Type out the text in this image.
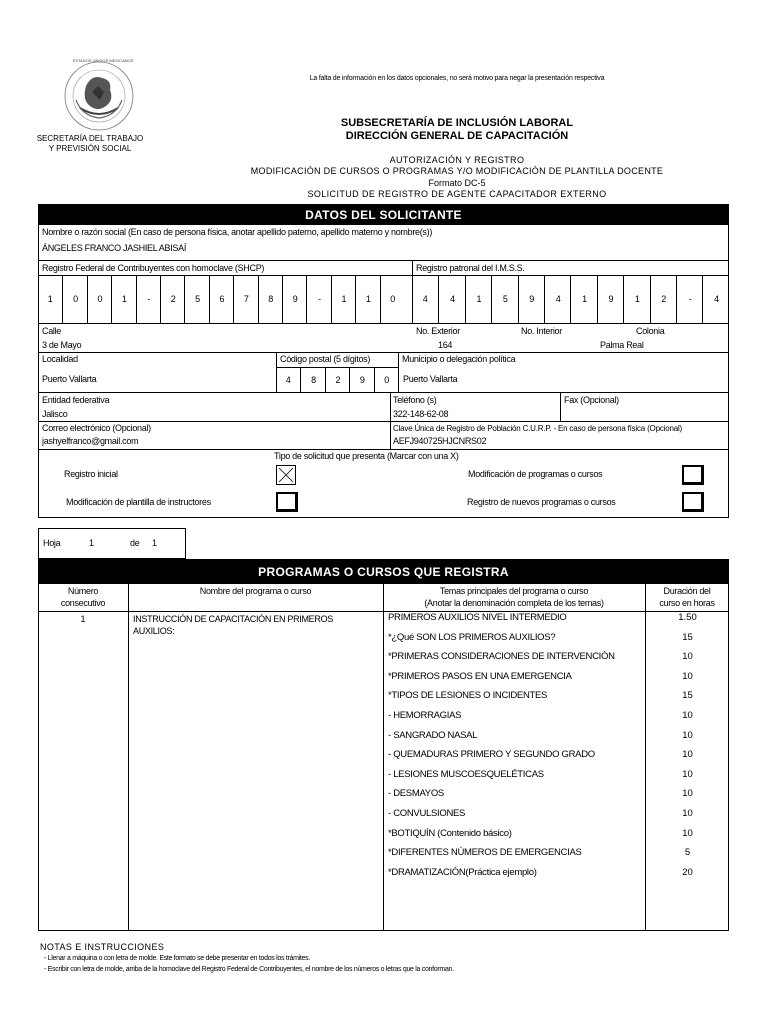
ESTADOS UNIDOS MEXICANOS
SECRETARÍA DEL TRABAJO
Y PREVISIÓN SOCIAL
La falta de información en los datos opcionales, no será motivo para negar la presentación respectiva
SUBSECRETARÍA DE INCLUSIÓN LABORAL
DIRECCIÓN GENERAL DE CAPACITACIÓN
AUTORIZACIÓN Y REGISTRO
MODIFICACIÓN DE CURSOS O PROGRAMAS Y/O MODIFICACIÓN DE PLANTILLA DOCENTE
Formato DC-5
SOLICITUD DE REGISTRO DE AGENTE CAPACITADOR EXTERNO
DATOS DEL SOLICITANTE
Nombre o razón social (En caso de persona física, anotar apellido paterno, apellido materno y nombre(s))
ÁNGELES FRANCO JASHIEL ABISAÍ
Registro Federal de Contribuyentes con homoclave (SHCP)	Registro patronal del I.M.S.S.
1	0	0	1	-	2	5	6	7	8	9	-	1	1	0	4	4	1	5	9	4	1	9	1	2	-	4
Calle
3 de Mayo
No. Exterior
164
No. Interior	Colonia
Palma Real
Localidad
Puerto Vallarta
Código postal (5 dígitos)
4	8	2	9	0
Municipio o delegación política
Puerto Vallarta
Entidad federativa
Jalisco
Teléfono (s)
322-148-62-08
Fax (Opcional)
Correo electrónico (Opcional)
jashyelfranco@gmail.com
Clave Única de Registro de Población C.U.R.P. - En caso de persona física (Opcional)
AEFJ940725HJCNRS02
Tipo de solicitud que presenta (Marcar con una X)
Registro inicial
Modificación de plantilla de instructores
Modificación de programas o cursos
Registro de nuevos programas o cursos
Hoja	1	de 1
PROGRAMAS O CURSOS QUE REGISTRA
Número
consecutivo
Nombre del programa o curso	Temas principales del programa o curso
(Anotar la denominación completa de los temas)
Duración del
curso en horas
1	INSTRUCCIÓN DE CAPACITACIÓN EN PRIMEROS
AUXILIOS:
PRIMEROS AUXILIOS NIVEL INTERMEDIO	1.50
*¿Qué SON LOS PRIMEROS AUXILIOS?	15
*PRIMERAS CONSIDERACIONES DE INTERVENCIÓN	10
*PRIMEROS PASOS EN UNA EMERGENCIA	10
*TIPOS DE LESIONES O INCIDENTES	15
- HEMORRAGIAS	10
- SANGRADO NASAL	10
- QUEMADURAS PRIMERO Y SEGUNDO GRADO	10
- LESIONES MUSCOESQUELÉTICAS	10
- DESMAYOS	10
- CONVULSIONES	10
*BOTIQUÍN (Contenido básico)	10
*DIFERENTES NÚMEROS DE EMERGENCIAS	5
*DRAMATIZACIÓN(Práctica ejemplo)	20
NOTAS E INSTRUCCIONES
- Llenar a máquina o con letra de molde. Este formato se debe presentar en todos los trámites.
- Escribir con letra de molde, arriba de la homoclave del Registro Federal de Contribuyentes, el nombre de los números o letras que la conforman.
